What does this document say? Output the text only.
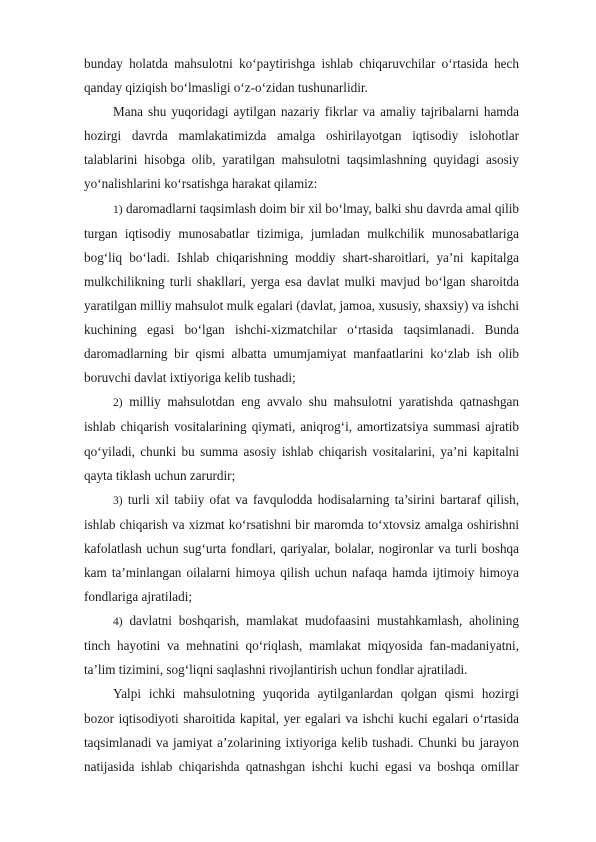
bunday holatda mahsulotni ko‘paytirishga ishlab chiqaruvchilar o‘rtasida hech qanday qiziqish bo‘lmasligi o‘z-o‘zidan tushunarlidir.

Mana shu yuqoridagi aytilgan nazariy fikrlar va amaliy tajribalarni hamda hozirgi davrda mamlakatimizda amalga oshirilayotgan iqtisodiy islohotlar talablarini hisobga olib, yaratilgan mahsulotni taqsimlashning quyidagi asosiy yo‘nalishlarini ko‘rsatishga harakat qilamiz:

1) daromadlarni taqsimlash doim bir xil bo‘lmay, balki shu davrda amal qilib turgan iqtisodiy munosabatlar tizimiga, jumladan mulkchilik munosabatlariga bog‘liq bo‘ladi. Ishlab chiqarishning moddiy shart-sharoitlari, ya’ni kapitalga mulkchilikning turli shakllari, yerga esa davlat mulki mavjud bo‘lgan sharoitda yaratilgan milliy mahsulot mulk egalari (davlat, jamoa, xususiy, shaxsiy) va ishchi kuchining egasi bo‘lgan ishchi-xizmatchilar o‘rtasida taqsimlanadi. Bunda daromadlarning bir qismi albatta umumjamiyat manfaatlarini ko‘zlab ish olib boruvchi davlat ixtiyoriga kelib tushadi;

2) milliy mahsulotdan eng avvalo shu mahsulotni yaratishda qatnashgan ishlab chiqarish vositalarining qiymati, aniqrog‘i, amortizatsiya summasi ajratib qo‘yiladi, chunki bu summa asosiy ishlab chiqarish vositalarini, ya’ni kapitalni qayta tiklash uchun zarurdir;

3) turli xil tabiiy ofat va favqulodda hodisalarning ta’sirini bartaraf qilish, ishlab chiqarish va xizmat ko‘rsatishni bir maromda to‘xtovsiz amalga oshirishni kafolatlash uchun sug‘urta fondlari, qariyalar, bolalar, nogironlar va turli boshqa kam ta’minlangan oilalarni himoya qilish uchun nafaqa hamda ijtimoiy himoya fondlariga ajratiladi;

4) davlatni boshqarish, mamlakat mudofaasini mustahkamlash, aholining tinch hayotini va mehnatini qo‘riqlash, mamlakat miqyosida fan-madaniyatni, ta’lim tizimini, sog‘liqni saqlashni rivojlantirish uchun fondlar ajratiladi.

Yalpi ichki mahsulotning yuqorida aytilganlardan qolgan qismi hozirgi bozor iqtisodiyoti sharoitida kapital, yer egalari va ishchi kuchi egalari o‘rtasida taqsimlanadi va jamiyat a’zolarining ixtiyoriga kelib tushadi. Chunki bu jarayon natijasida ishlab chiqarishda qatnashgan ishchi kuchi egasi va boshqa omillar
